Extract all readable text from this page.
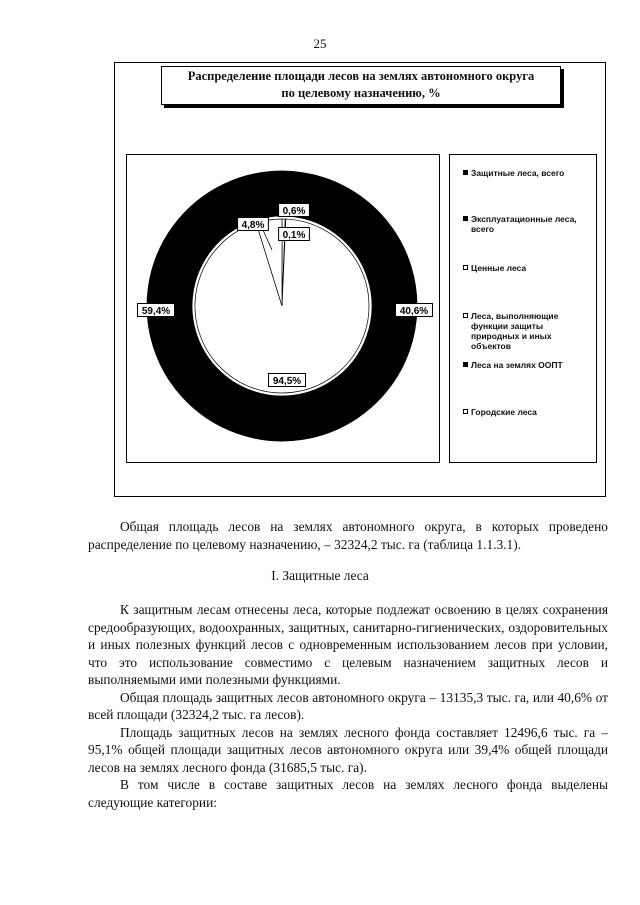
25
Распределение площади лесов на землях автономного округа
по целевому назначению, %
40,6%
59,4%
0,6%
0,1%
94,5%
4,8%
Защитные леса, всего
Эксплуатационные леса, всего
Ценные леса
Леса, выполняющие функции защиты природных и иных объектов
Леса на землях ООПТ
Городские леса

Общая площадь лесов на землях автономного округа, в которых проведено распределение по целевому назначению, – 32324,2 тыс. га (таблица 1.1.3.1).

I. Защитные леса

К защитным лесам отнесены леса, которые подлежат освоению в целях сохранения средообразующих, водоохранных, защитных, санитарно-гигиенических, оздоровительных и иных полезных функций лесов с одновременным использованием лесов при условии, что это использование совместимо с целевым назначением защитных лесов и выполняемыми ими полезными функциями.

Общая площадь защитных лесов автономного округа – 13135,3 тыс. га, или 40,6% от всей площади (32324,2 тыс. га лесов).

Площадь защитных лесов на землях лесного фонда составляет 12496,6 тыс. га – 95,1% общей площади защитных лесов автономного округа или 39,4% общей площади лесов на землях лесного фонда (31685,5 тыс. га).

В том числе в составе защитных лесов на землях лесного фонда выделены следующие категории:
